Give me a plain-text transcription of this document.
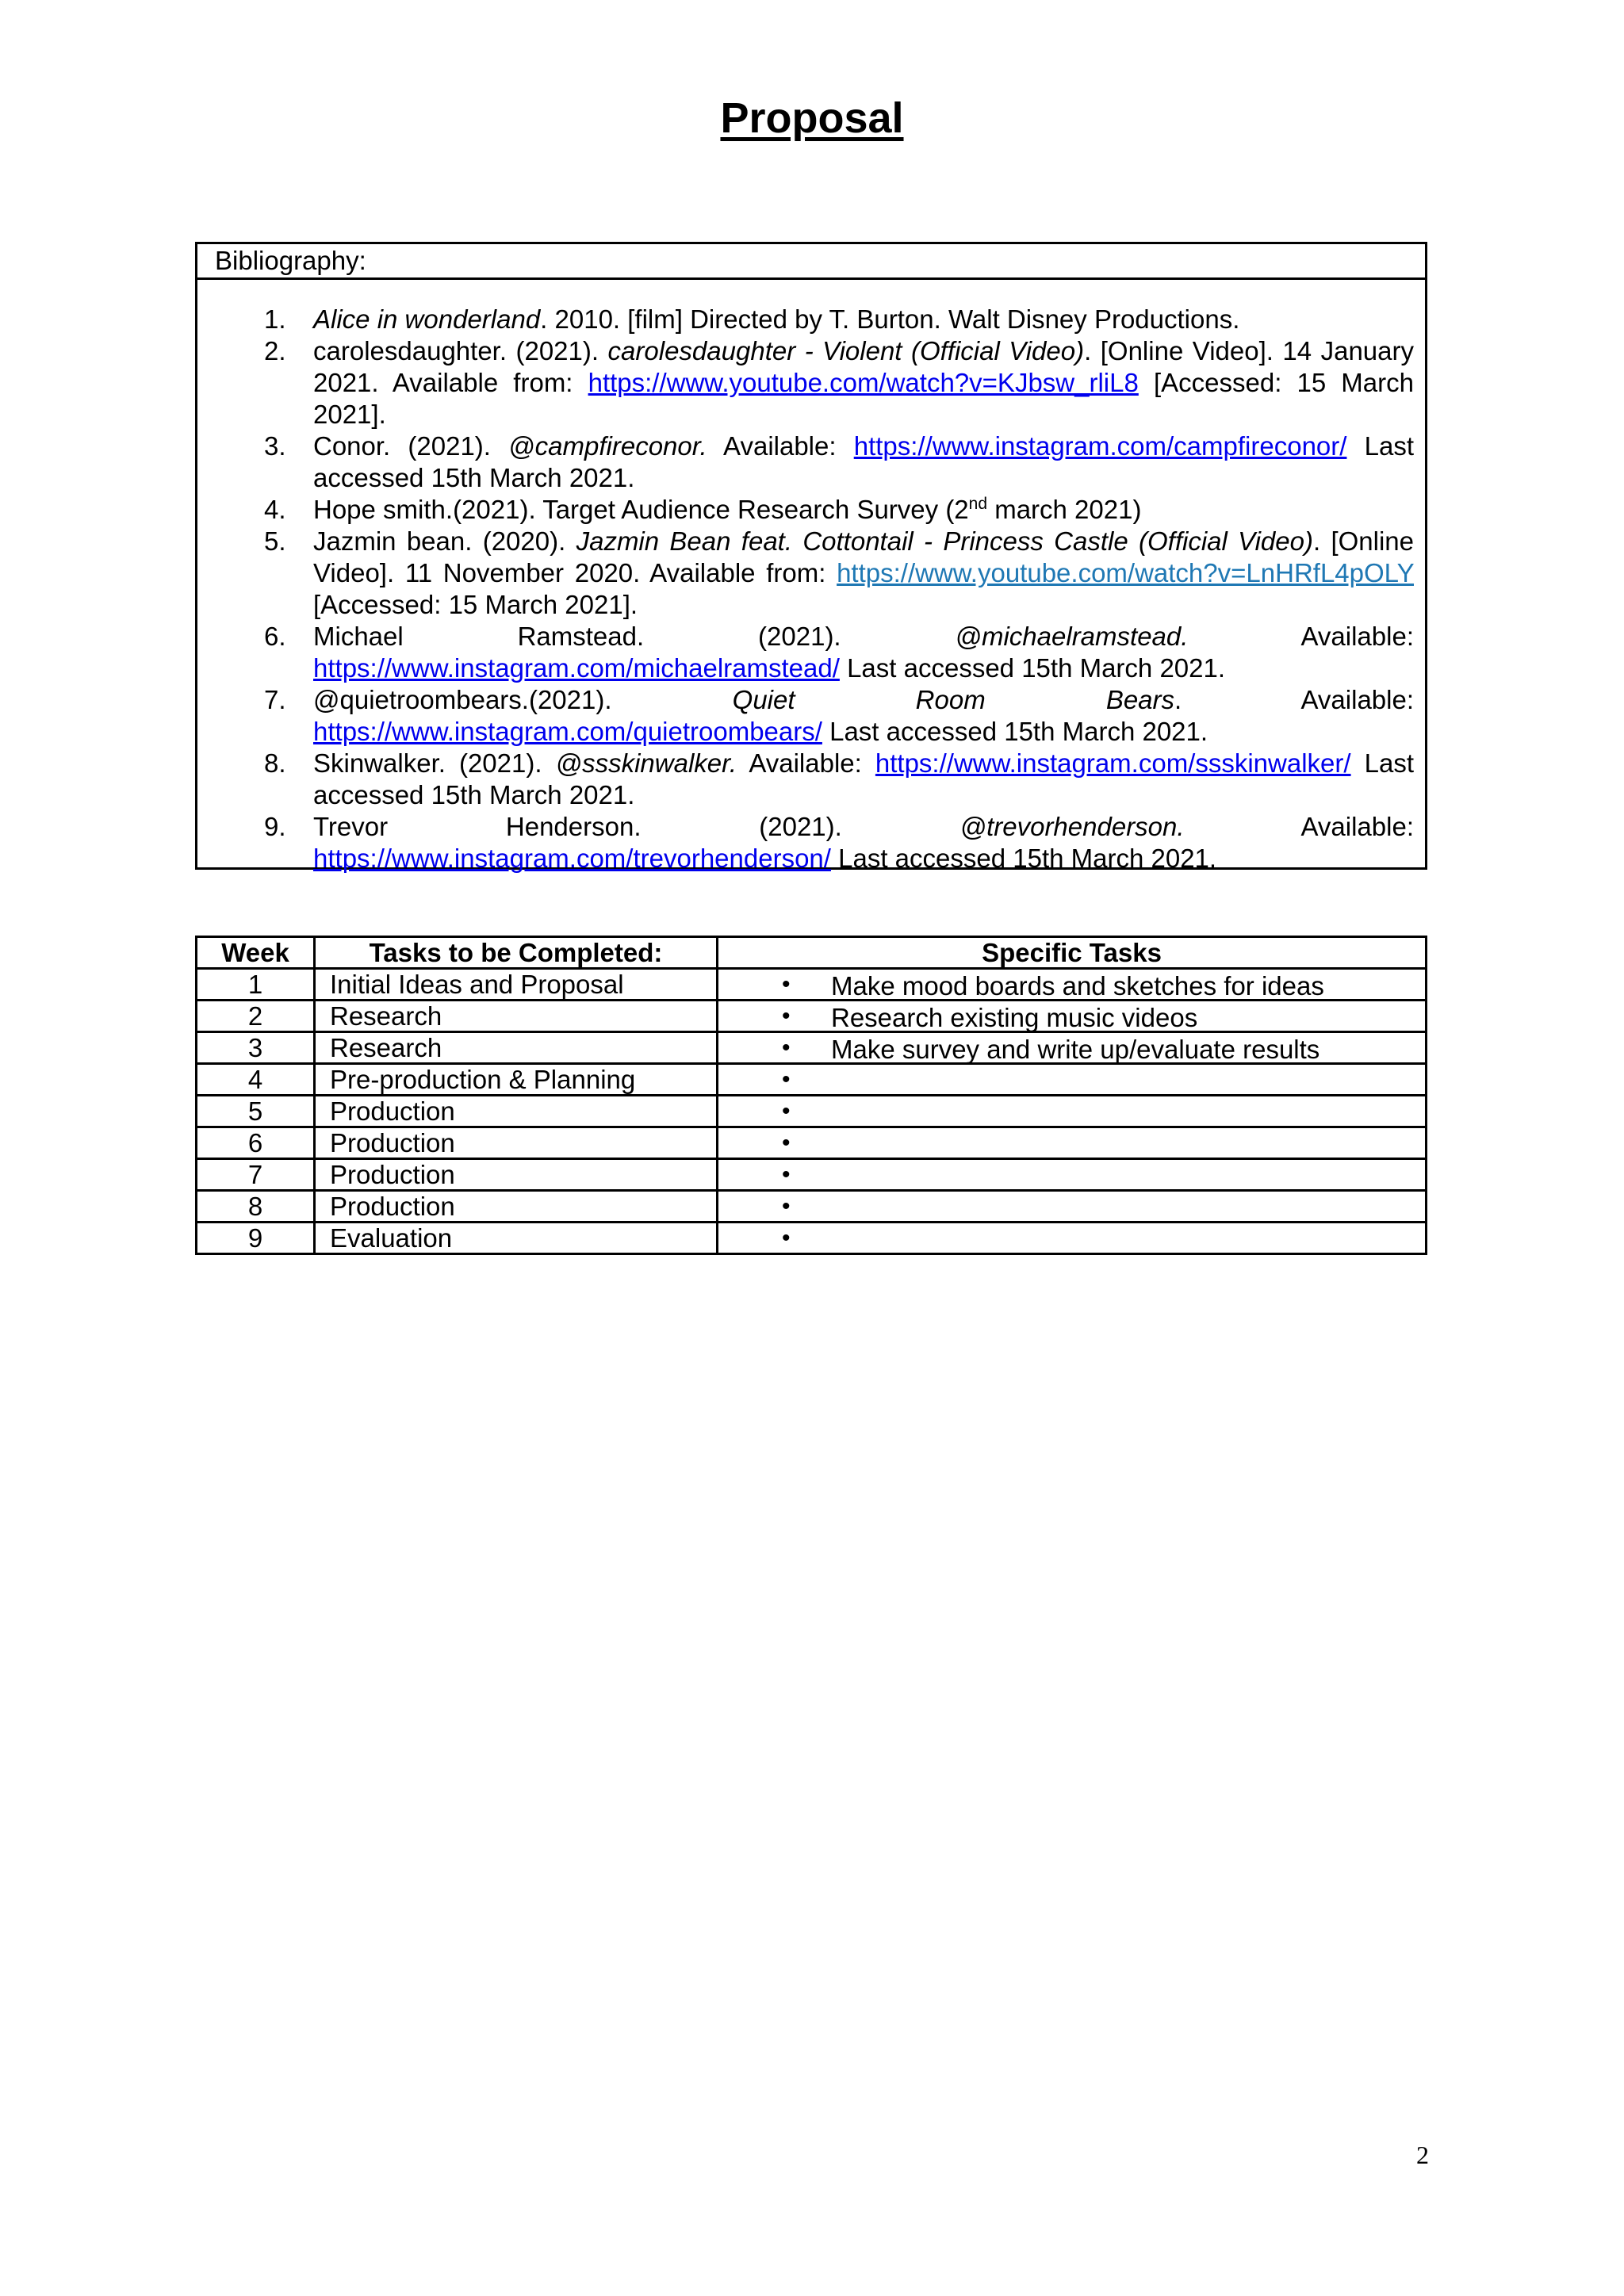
Proposal
Bibliography:
1.	Alice in wonderland. 2010. [film] Directed by T. Burton. Walt Disney Productions.
2.	carolesdaughter. (2021). carolesdaughter - Violent (Official Video). [Online Video]. 14 January 2021. Available from: https://www.youtube.com/watch?v=KJbsw_rliL8 [Accessed: 15 March 2021].
3.	Conor. (2021). @campfireconor. Available: https://www.instagram.com/campfireconor/ Last accessed 15th March 2021.
4.	Hope smith.(2021). Target Audience Research Survey (2nd march 2021)
5.	Jazmin bean. (2020). Jazmin Bean feat. Cottontail - Princess Castle (Official Video). [Online Video]. 11 November 2020. Available from: https://www.youtube.com/watch?v=LnHRfL4pOLY [Accessed: 15 March 2021].
6.	Michael Ramstead. (2021). @michaelramstead. Available: https://www.instagram.com/michaelramstead/ Last accessed 15th March 2021.
7.	@quietroombears.(2021). Quiet Room Bears. Available: https://www.instagram.com/quietroombears/ Last accessed 15th March 2021.
8.	Skinwalker. (2021). @ssskinwalker. Available: https://www.instagram.com/ssskinwalker/ Last accessed 15th March 2021.
9.	Trevor Henderson. (2021). @trevorhenderson. Available: https://www.instagram.com/trevorhenderson/ Last accessed 15th March 2021.
Week	Tasks to be Completed:	Specific Tasks
1	Initial Ideas and Proposal	• Make mood boards and sketches for ideas

2	Research	• Research existing music videos

3	Research	• Make survey and write up/evaluate results

4	Pre-production & Planning	•

5	Production	•

6	Production	•

7	Production	•

8	Production	•

9	Evaluation	•
2
